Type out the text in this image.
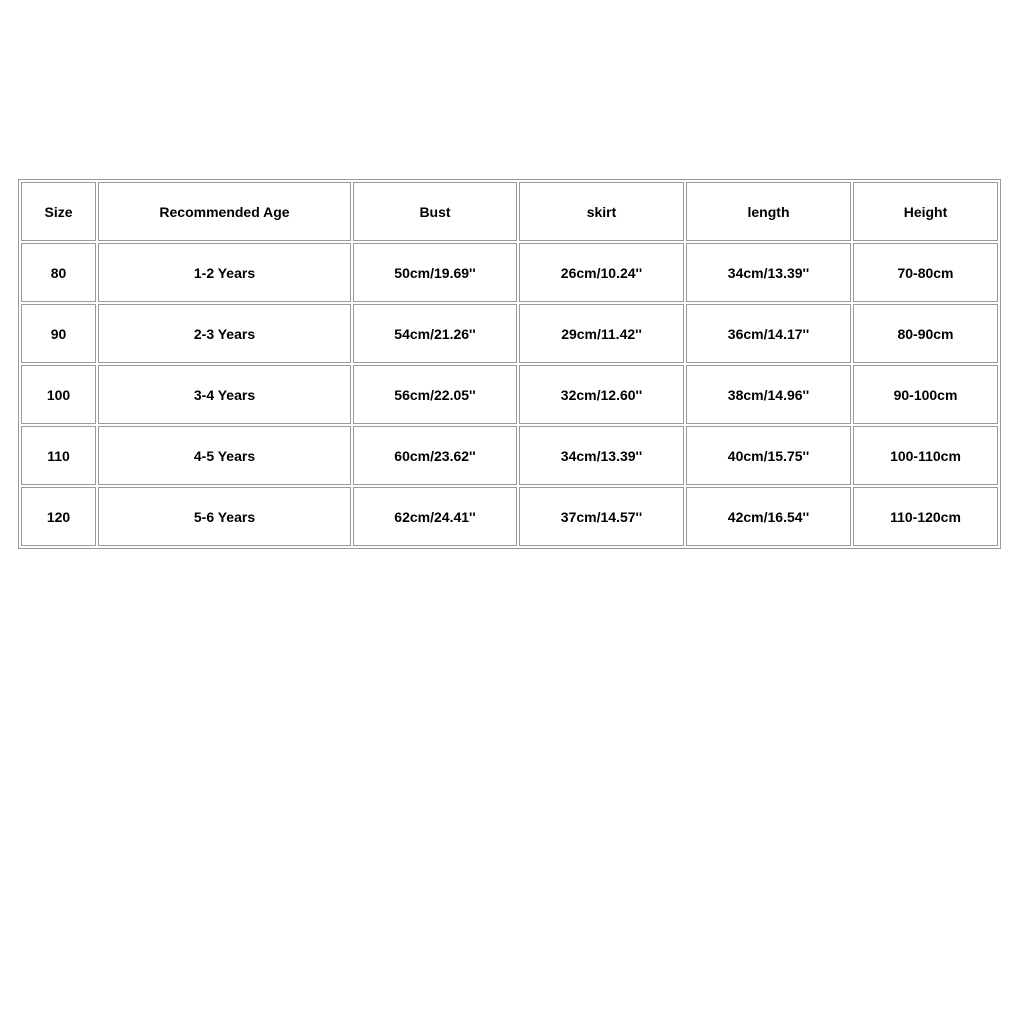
Size	Recommended Age	Bust	skirt	length	Height
80	1-2 Years	50cm/19.69''	26cm/10.24''	34cm/13.39''	70-80cm
90	2-3 Years	54cm/21.26''	29cm/11.42''	36cm/14.17''	80-90cm
100	3-4 Years	56cm/22.05''	32cm/12.60''	38cm/14.96''	90-100cm
110	4-5 Years	60cm/23.62''	34cm/13.39''	40cm/15.75''	100-110cm
120	5-6 Years	62cm/24.41''	37cm/14.57''	42cm/16.54''	110-120cm
